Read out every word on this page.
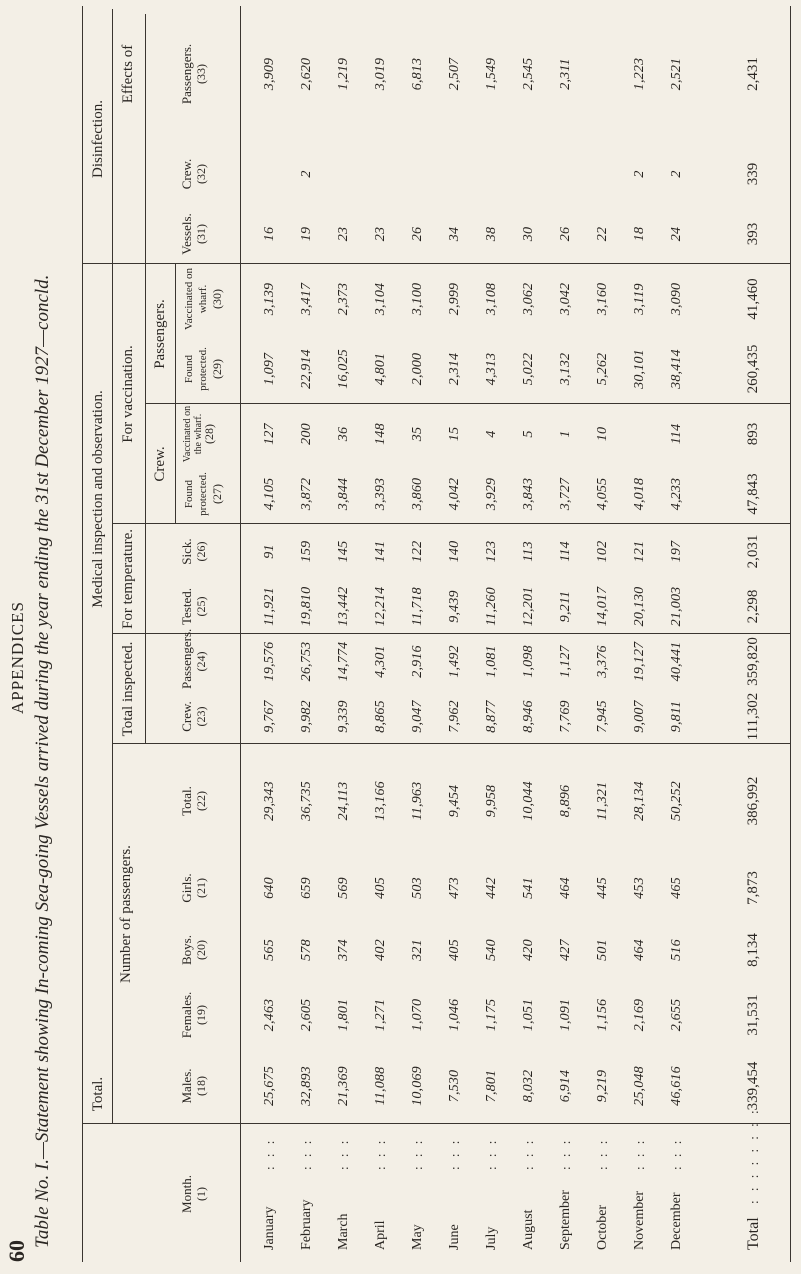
60
APPENDICES Table No. I.—Statement showing In-coming Sea-going Vessels arrived during the year ending the 31st December 1927—concld. Total.
Number of passengers.
Medical inspection and observation.
Total inspected.
For temperature.
For vaccination.
Crew.
Passengers.
Disinfection.
Effects of
Month. (1)
Males. (18)
Females. (19)
Boys. (20)
Girls. (21)
Total. (22)
Crew. (23)
Passengers. (24)
Tested. (25)
Sick. (26)
Found protected. (27)
Vaccinated on the wharf.
(28)
Found protected. (29)
Vaccinated on wharf. (30)
Vessels. (31)
Crew. (32)
Passengers. (33)
January
: : :
25,675
2,463
565
640
29,343
9,767
19,576
11,921
91
4,105
127
1,097
3,139
16
3,909
February
: : :
32,893
2,605
578
659
36,735
9,982
26,753
19,810
159
3,872
200
22,914
3,417
19
2
2,620
March
: : :
21,369
1,801
374
569
24,113
9,339
14,774
13,442
145
3,844
36
16,025
2,373
23
1,219
April
: : :
11,088
1,271
402
405
13,166
8,865
4,301
12,214
141
3,393
148
4,801
3,104
23
3,019
May
: : :
10,069
1,070
321
503
11,963
9,047
2,916
11,718
122
3,860
35
2,000
3,100
26
6,813
June
: : :
7,530
1,046
405
473
9,454
7,962
1,492
9,439
140
4,042
15
2,314
2,999
34
2,507
July
: : :
7,801
1,175
540
442
9,958
8,877
1,081
11,260
123
3,929
4
4,313
3,108
38
1,549
August
: : :
8,032
1,051
420
541
10,044
8,946
1,098
12,201
113
3,843
5
5,022
3,062
30
2,545
September
: : :
6,914
1,091
427
464
8,896
7,769
1,127
9,211
114
3,727
1
3,132
3,042
26
2,311
October
: : :
9,219
1,156
501
445
11,321
7,945
3,376
14,017
102
4,055
10
5,262
3,160
22
November
: : :
25,048
2,169
464
453
28,134
9,007
19,127
20,130
121
4,018
30,101
3,119
18
2
1,223
December
: : :
46,616
2,655
516
465
50,252
9,811
40,441
21,003
197
4,233
114
38,414
3,090
24
2
2,521
Total
: : : : : : : :
339,454
31,531
8,134
7,873
386,992
111,302
359,820
2,298
2,031
47,843
893
260,435
41,460
393
339
2,431
